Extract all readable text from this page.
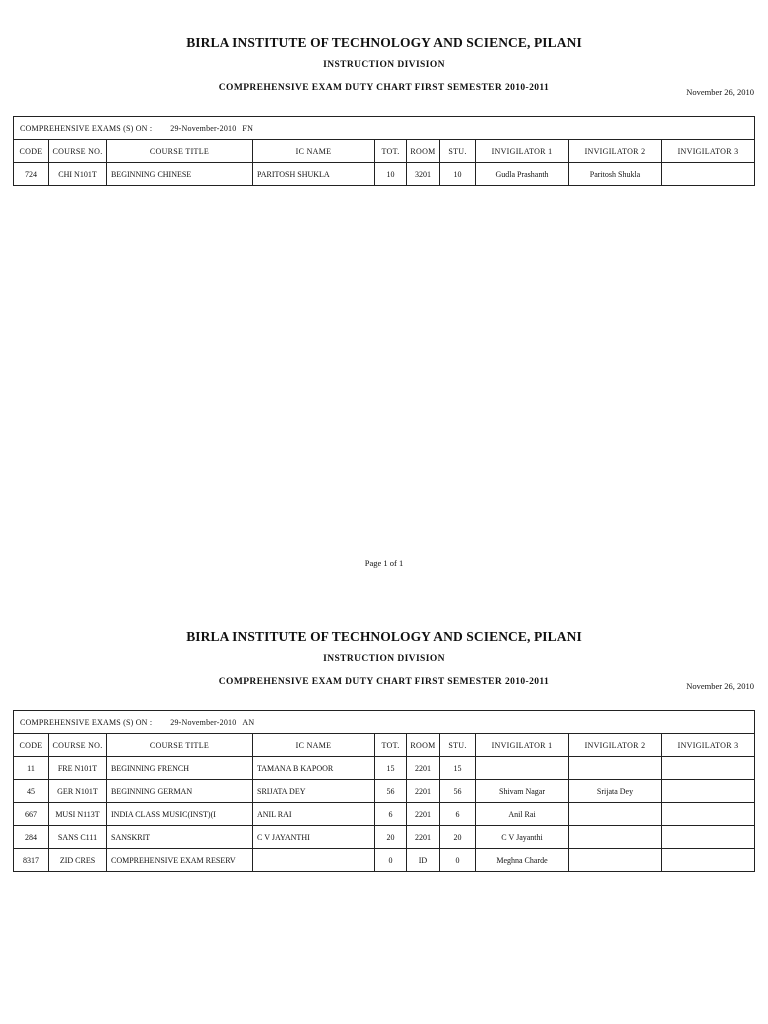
BIRLA INSTITUTE OF TECHNOLOGY AND SCIENCE, PILANI
INSTRUCTION DIVISION
COMPREHENSIVE EXAM DUTY CHART FIRST SEMESTER 2010-2011	November 26, 2010
COMPREHENSIVE EXAMS (S) ON : 29-November-2010 FN									
CODE	COURSE NO.	COURSE TITLE	IC NAME	TOT.	ROOM	STU.	INVIGILATOR 1	INVIGILATOR 2	INVIGILATOR 3
724	CHI N101T	BEGINNING CHINESE	PARITOSH SHUKLA	10	3201	10	Gudla Prashanth	Paritosh Shukla	
Page 1 of 1
BIRLA INSTITUTE OF TECHNOLOGY AND SCIENCE, PILANI
INSTRUCTION DIVISION
COMPREHENSIVE EXAM DUTY CHART FIRST SEMESTER 2010-2011	November 26, 2010
COMPREHENSIVE EXAMS (S) ON : 29-November-2010 AN									
CODE	COURSE NO.	COURSE TITLE	IC NAME	TOT.	ROOM	STU.	INVIGILATOR 1	INVIGILATOR 2	INVIGILATOR 3
11	FRE N101T	BEGINNING FRENCH	TAMANA B KAPOOR	15	2201	15			
45	GER N101T	BEGINNING GERMAN	SRIJATA DEY	56	2201	56	Shivam Nagar	Srijata Dey	
667	MUSI N113T	INDIA CLASS MUSIC(INST)(I	ANIL RAI	6	2201	6	Anil Rai		
284	SANS C111	SANSKRIT	C V JAYANTHI	20	2201	20	C V Jayanthi		
8317	ZID CRES	COMPREHENSIVE EXAM RESERV		0	ID	0	Meghna Charde		
